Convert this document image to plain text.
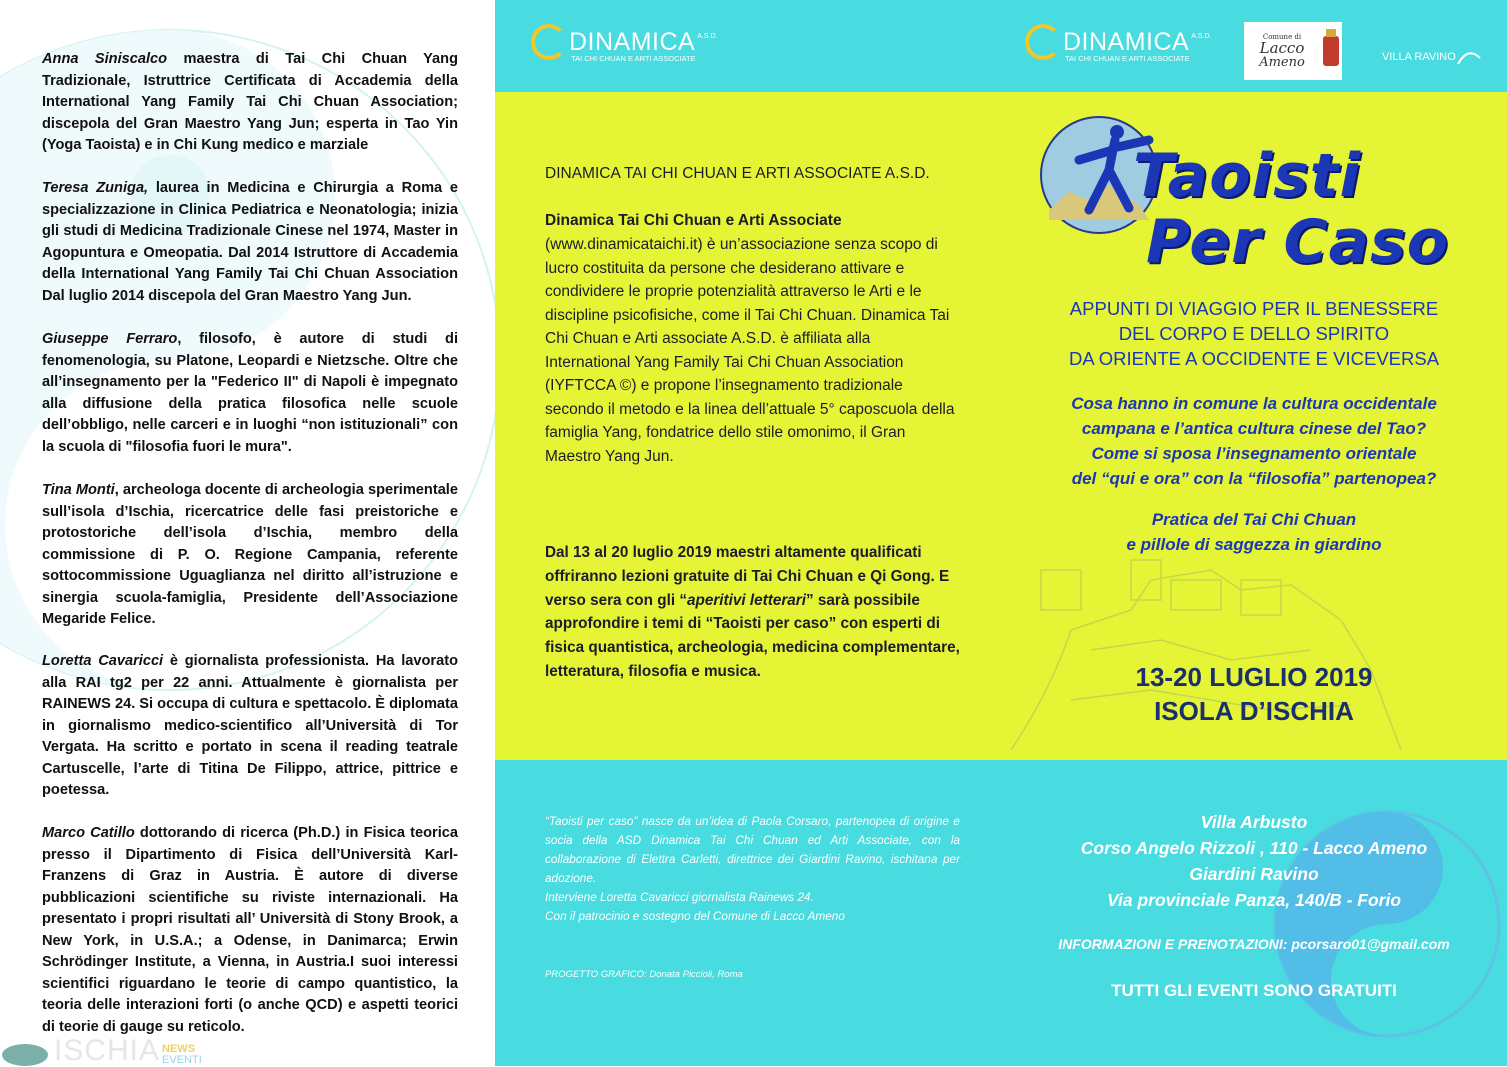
Anna Siniscalco maestra di Tai Chi Chuan Yang Tradizionale, Istruttrice Certificata di Accademia della International Yang Family Tai Chi Chuan Association; discepola del Gran Maestro Yang Jun; esperta in Tao Yin (Yoga Taoista) e in Chi Kung medico e marziale

Teresa Zuniga, laurea in Medicina e Chirurgia a Roma e specializzazione in Clinica Pediatrica e Neonatologia; inizia gli studi di Medicina Tradizionale Cinese nel 1974, Master in Agopuntura e Omeopatia. Dal 2014 Istruttore di Accademia della International Yang Family Tai Chi Chuan Association Dal luglio 2014 discepola del Gran Maestro Yang Jun.

Giuseppe Ferraro, filosofo, è autore di studi di fenomenologia, su Platone, Leopardi e Nietzsche. Oltre che all’insegnamento per la "Federico II" di Napoli è impegnato alla diffusione della pratica filosofica nelle scuole dell’obbligo, nelle carceri e in luoghi “non istituzionali” con la scuola di "filosofia fuori le mura".

Tina Monti, archeologa docente di archeologia sperimentale sull’isola d’Ischia, ricercatrice delle fasi preistoriche e protostoriche dell’isola d’Ischia, membro della commissione di P. O. Regione Campania, referente sottocommissione Uguaglianza nel diritto all’istruzione e sinergia scuola-famiglia, Presidente dell’Associazione Megaride Felice.

Loretta Cavaricci è giornalista professionista. Ha lavorato alla RAI tg2 per 22 anni. Attualmente è giornalista per RAINEWS 24. Si occupa di cultura e spettacolo. È diplomata in giornalismo medico-scientifico all’Università di Tor Vergata. Ha scritto e portato in scena il reading teatrale Cartuscelle, l’arte di Titina De Filippo, attrice, pittrice e poetessa.

Marco Catillo dottorando di ricerca (Ph.D.) in Fisica teorica presso il Dipartimento di Fisica dell’Università Karl-Franzens di Graz in Austria. È autore di diverse pubblicazioni scientifiche su riviste internazionali. Ha presentato i propri risultati all’ Università di Stony Brook, a New York, in U.S.A.; a Odense, in Danimarca; Erwin Schrödinger Institute, a Vienna, in Austria.I suoi interessi scientifici riguardano le teorie di campo quantistico, la teoria delle interazioni forti (o anche QCD) e aspetti teorici di teorie di gauge su reticolo.

ISCHIA NEWS
EVENTI
DINAMICA A.S.D.
TAI CHI CHUAN E ARTI ASSOCIATE

DINAMICA TAI CHI CHUAN E ARTI ASSOCIATE A.S.D.

Dinamica Tai Chi Chuan e Arti Associate

(www.dinamicataichi.it) è un’associazione senza scopo di lucro costituita da persone che desiderano attivare e condividere le proprie potenzialità attraverso le Arti e le discipline psicofisiche, come il Tai Chi Chuan. Dinamica Tai Chi Chuan e Arti associate A.S.D. è affiliata alla International Yang Family Tai Chi Chuan Association (IYFTCCA ©) e propone l’insegnamento tradizionale secondo il metodo e la linea dell’attuale 5° caposcuola della famiglia Yang, fondatrice dello stile omonimo, il Gran Maestro Yang Jun.

Dal 13 al 20 luglio 2019 maestri altamente qualificati offriranno lezioni gratuite di Tai Chi Chuan e Qi Gong. E verso sera con gli “aperitivi letterari” sarà possibile approfondire i temi di “Taoisti per caso” con esperti di fisica quantistica, archeologia, medicina complementare, letteratura, filosofia e musica.

“Taoisti per caso” nasce da un’idea di Paola Corsaro, partenopea di origine e socia della ASD Dinamica Tai Chi Chuan ed Arti Associate, con la collaborazione di Elettra Carletti, direttrice dei Giardini Ravino, ischitana per adozione.

Interviene Loretta Cavaricci giornalista Rainews 24.

Con il patrocinio e sostegno del Comune di Lacco Ameno

PROGETTO GRAFICO: Donata Piccioli, Roma

DINAMICA A.S.D.
TAI CHI CHUAN E ARTI ASSOCIATE
Comune di
Lacco
Ameno	VILLA RAVINO
Taoisti
Per Caso
APPUNTI DI VIAGGIO PER IL BENESSERE
DEL CORPO E DELLO SPIRITO
DA ORIENTE A OCCIDENTE E VICEVERSA
Cosa hanno in comune la cultura occidentale
campana e l’antica cultura cinese del Tao?
Come si sposa l’insegnamento orientale
del “qui e ora” con la “filosofia” partenopea?
Pratica del Tai Chi Chuan
e pillole di saggezza in giardino
13-20 LUGLIO 2019
ISOLA D’ISCHIA
Villa Arbusto
Corso Angelo Rizzoli , 110 - Lacco Ameno
Giardini Ravino
Via provinciale Panza, 140/B - Forio
INFORMAZIONI E PRENOTAZIONI: pcorsaro01@gmail.com
TUTTI GLI EVENTI SONO GRATUITI
